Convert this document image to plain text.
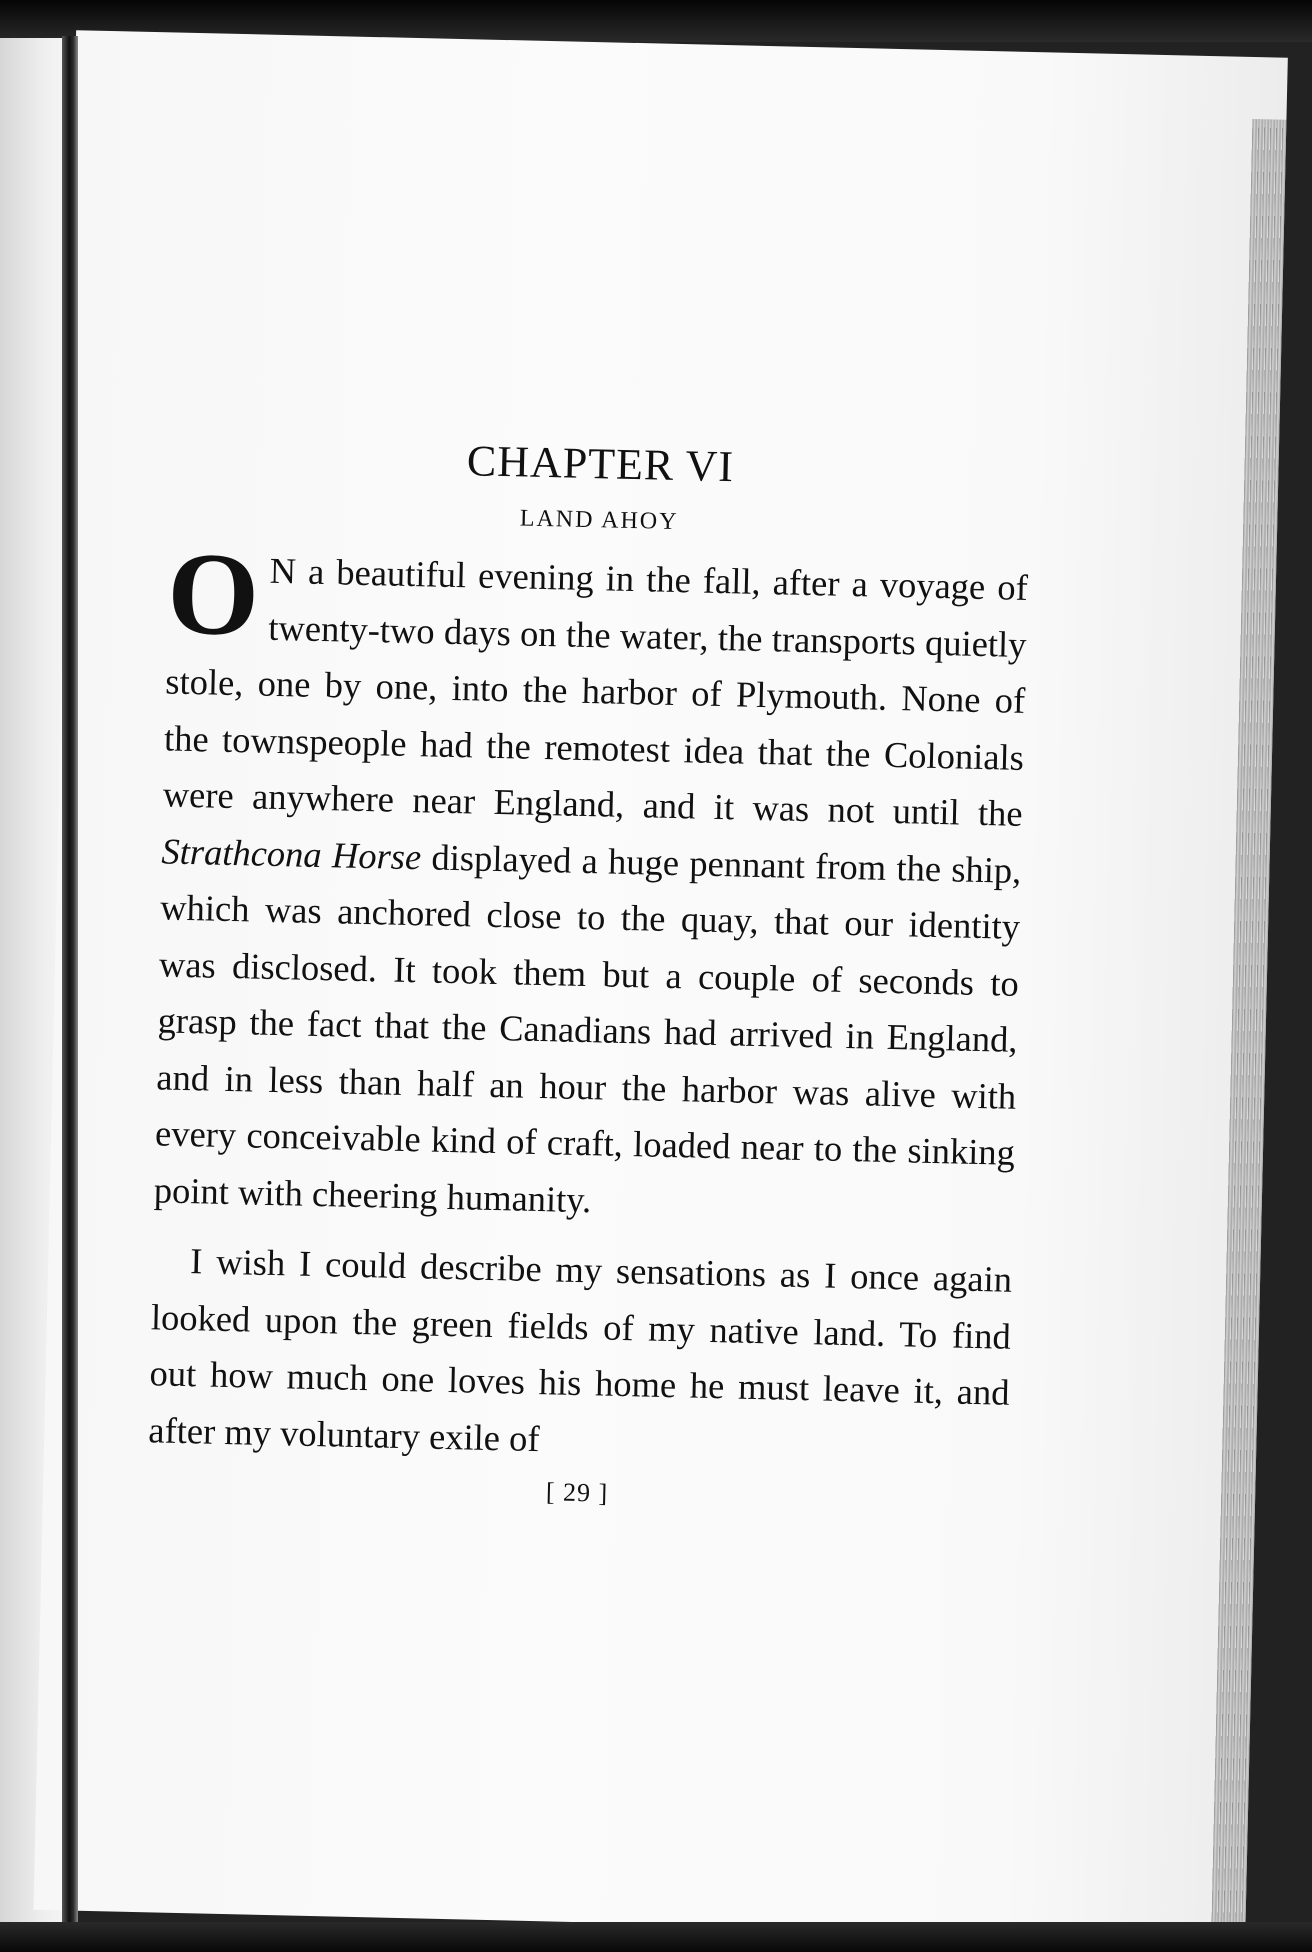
CHAPTER VI
LAND AHOY

O N a beautiful evening in the fall, after a voyage of twenty-two days on the water, the transports quietly stole, one by one, into the harbor of Plymouth. None of the townspeople had the remotest idea that the Colonials were anywhere near England, and it was not until the Strathcona Horse displayed a huge pennant from the ship, which was anchored close to the quay, that our identity was disclosed. It took them but a couple of seconds to grasp the fact that the Canadians had arrived in England, and in less than half an hour the harbor was alive with every conceivable kind of craft, loaded near to the sinking point with cheering humanity.

I wish I could describe my sensations as I once again looked upon the green fields of my native land. To find out how much one loves his home he must leave it, and after my voluntary exile of

[ 29 ]
